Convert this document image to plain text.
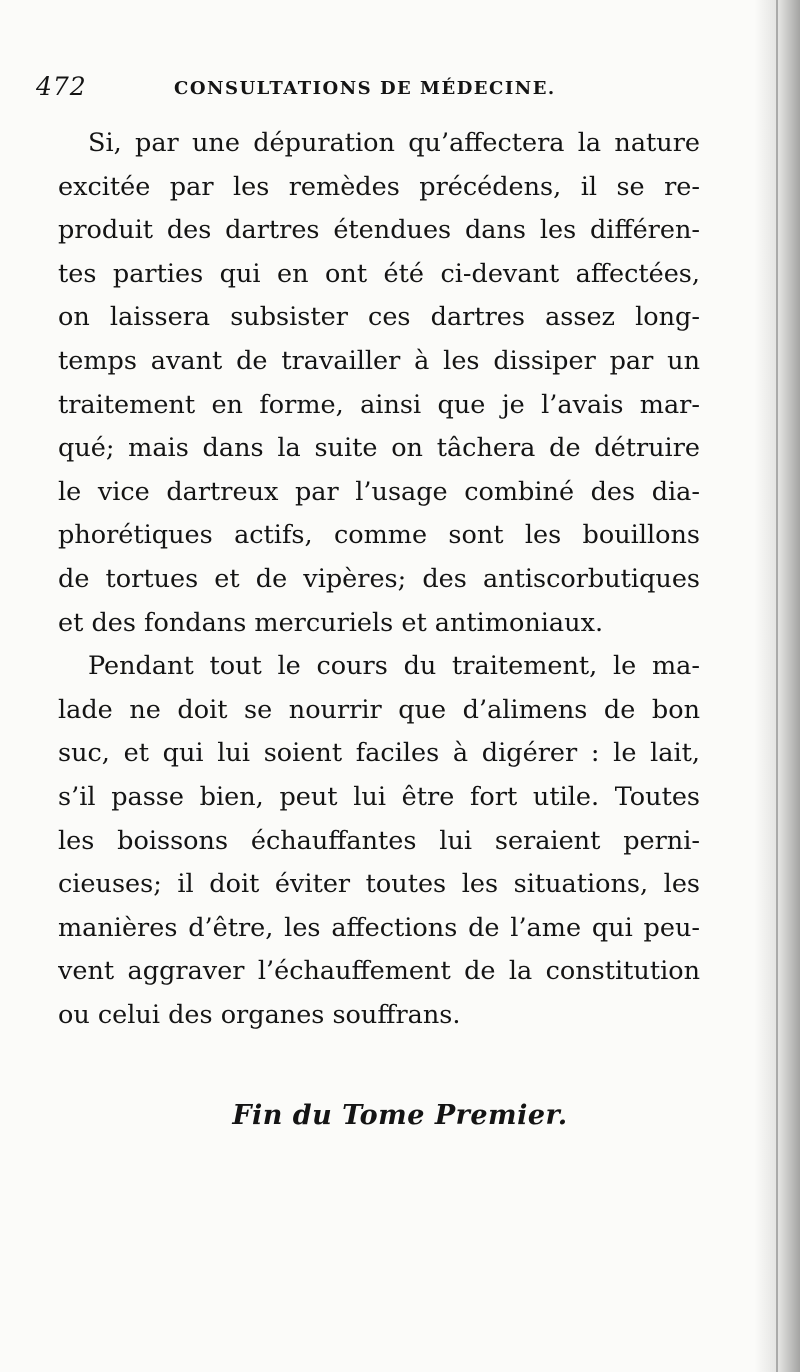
472	CONSULTATIONS DE MÉDECINE.
Si, par une dépuration qu’affectera la nature
excitée par les remèdes précédens, il se re-
produit des dartres étendues dans les différen-
tes parties qui en ont été ci-devant affectées,
on laissera subsister ces dartres assez long-
temps avant de travailler à les dissiper par un
traitement en forme, ainsi que je l’avais mar-
qué; mais dans la suite on tâchera de détruire
le vice dartreux par l’usage combiné des dia-
phorétiques actifs, comme sont les bouillons
de tortues et de vipères; des antiscorbutiques
et des fondans mercuriels et antimoniaux.
Pendant tout le cours du traitement, le ma-
lade ne doit se nourrir que d’alimens de bon
suc, et qui lui soient faciles à digérer : le lait,
s’il passe bien, peut lui être fort utile. Toutes
les boissons échauffantes lui seraient perni-
cieuses; il doit éviter toutes les situations, les
manières d’être, les affections de l’ame qui peu-
vent aggraver l’échauffement de la constitution
ou celui des organes souffrans.

Fin du Tome Premier.
